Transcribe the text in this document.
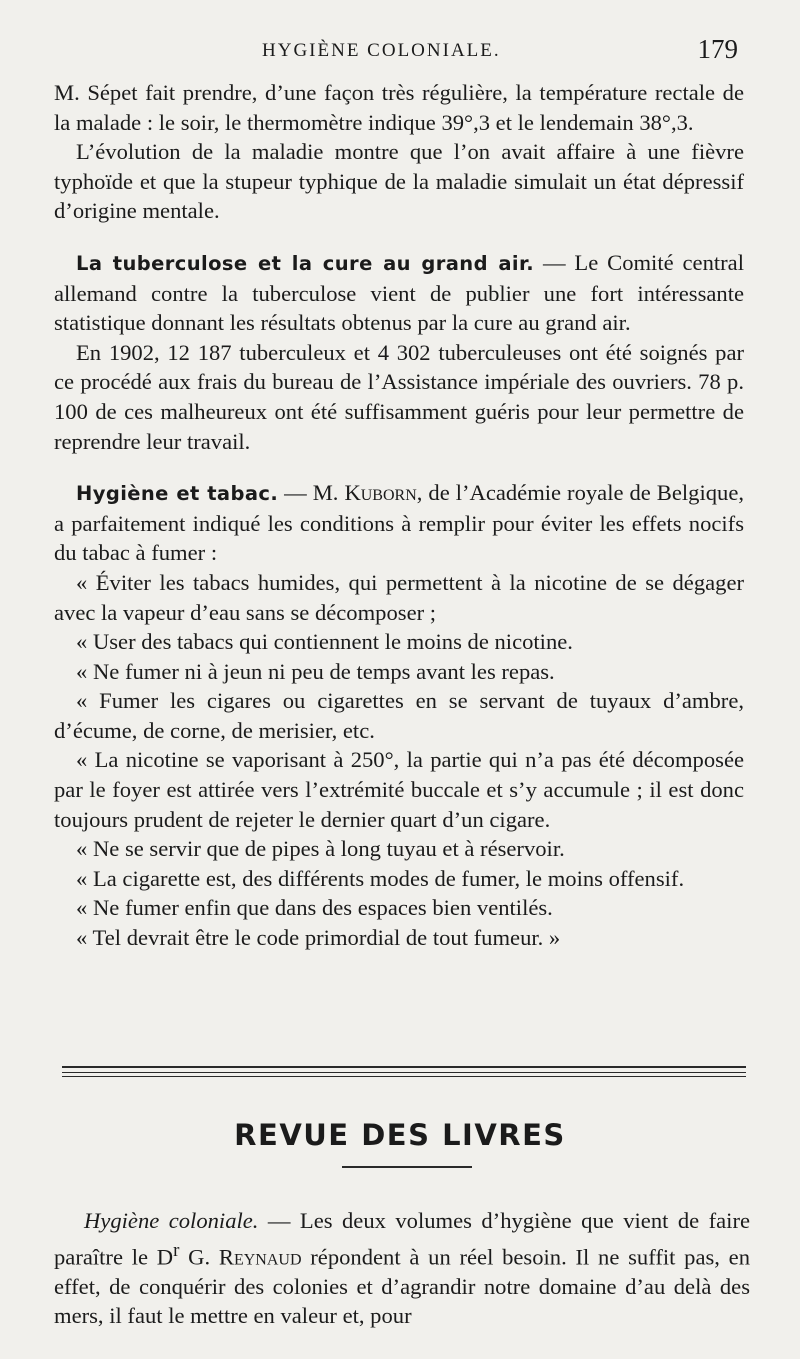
HYGIÈNE COLONIALE.	179

M. Sépet fait prendre, d’une façon très régulière, la température rectale de la malade : le soir, le thermomètre indique 39°,3 et le lendemain 38°,3.

L’évolution de la maladie montre que l’on avait affaire à une fièvre typhoïde et que la stupeur typhique de la maladie simulait un état dépressif d’origine mentale.

La tuberculose et la cure au grand air. — Le Comité central allemand contre la tuberculose vient de publier une fort intéressante statistique donnant les résultats obtenus par la cure au grand air.

En 1902, 12 187 tuberculeux et 4 302 tuberculeuses ont été soignés par ce procédé aux frais du bureau de l’Assistance impériale des ouvriers. 78 p. 100 de ces malheureux ont été suffisamment guéris pour leur permettre de reprendre leur travail.

Hygiène et tabac. — M. Kuborn, de l’Académie royale de Belgique, a parfaitement indiqué les conditions à remplir pour éviter les effets nocifs du tabac à fumer :

« Éviter les tabacs humides, qui permettent à la nicotine de se dégager avec la vapeur d’eau sans se décomposer ;

« User des tabacs qui contiennent le moins de nicotine.

« Ne fumer ni à jeun ni peu de temps avant les repas.

« Fumer les cigares ou cigarettes en se servant de tuyaux d’ambre, d’écume, de corne, de merisier, etc.

« La nicotine se vaporisant à 250°, la partie qui n’a pas été décomposée par le foyer est attirée vers l’extrémité buccale et s’y accumule ; il est donc toujours prudent de rejeter le dernier quart d’un cigare.

« Ne se servir que de pipes à long tuyau et à réservoir.

« La cigarette est, des différents modes de fumer, le moins offensif.

« Ne fumer enfin que dans des espaces bien ventilés.

« Tel devrait être le code primordial de tout fumeur. »

REVUE DES LIVRES

Hygiène coloniale. — Les deux volumes d’hygiène que vient de faire paraître le $D^r$ G. Reynaud répondent à un réel besoin. Il ne suffit pas, en effet, de conquérir des colonies et d’agrandir notre domaine d’au delà des mers, il faut le mettre en valeur et, pour
